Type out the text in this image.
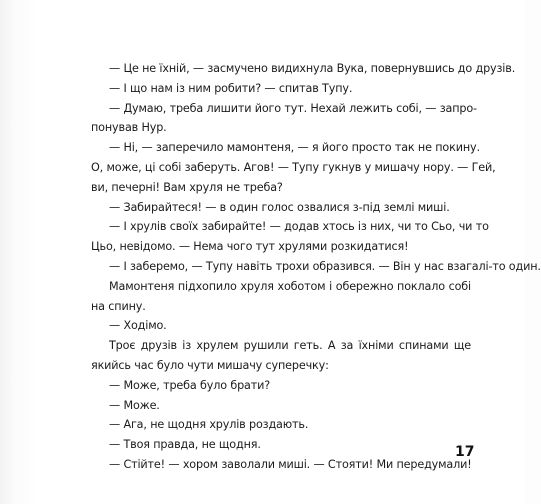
— Це не їхній, — засмучено видихнула Вука, повернувшись до друзів.
— І що нам із ним робити? — спитав Тупу.
— Думаю, треба лишити його тут. Нехай лежить собі, — запро-
понував Нур.
— Ні, — заперечило мамонтеня, — я його просто так не покину.
О, може, ці собі заберуть. Агов! — Тупу гукнув у мишачу нору. — Гей,
ви, печерні! Вам хруля не треба?
— Забирайтеся! — в один голос озвалися з-під землі миші.
— І хрулів своїх забирайте! — додав хтось із них, чи то Сьо, чи то
Цьо, невідомо. — Нема чого тут хрулями розкидатися!
— І заберемо, — Тупу навіть трохи образився. — Він у нас взагалі-то один.
Мамонтеня підхопило хруля хоботом і обережно поклало собі
на спину.
— Ходімо.
Троє друзів із хрулем рушили геть. А за їхніми спинами ще
якийсь час було чути мишачу суперечку:
— Може, треба було брати?
— Може.
— Ага, не щодня хрулів роздають.
— Твоя правда, не щодня.
— Стійте! — хором заволали миші. — Стояти! Ми передумали!
17
